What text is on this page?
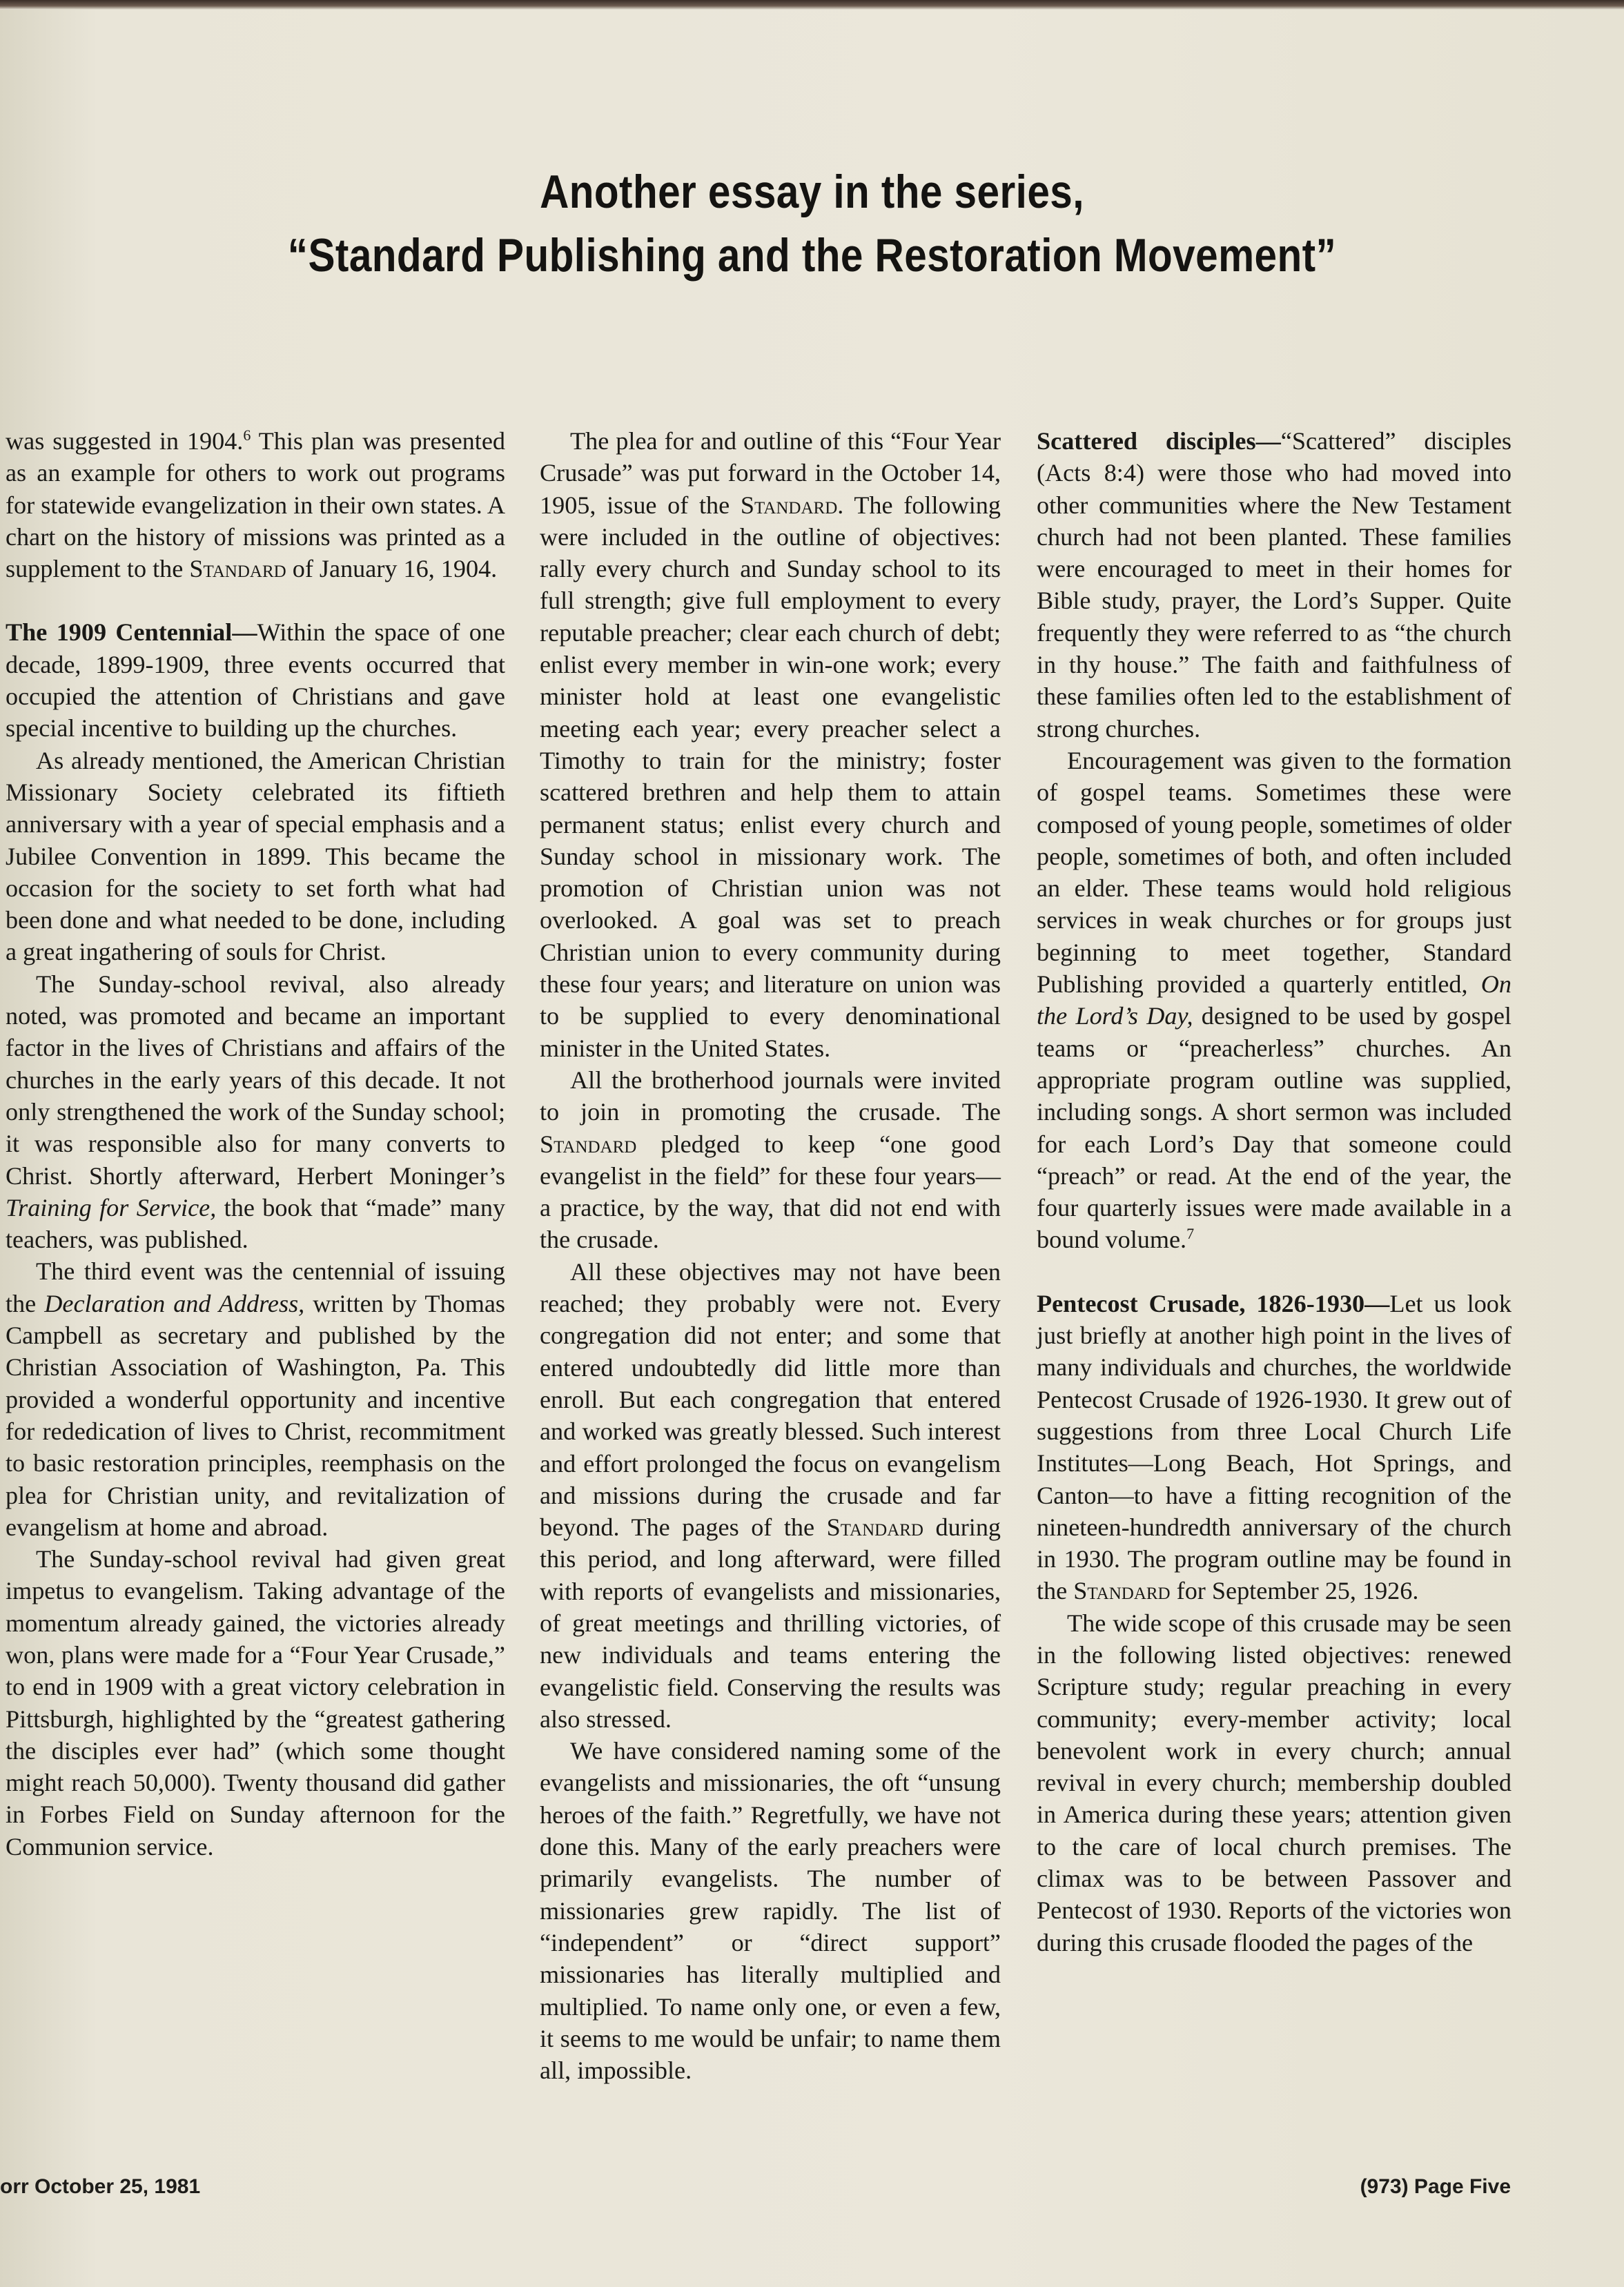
Another essay in the series,
“Standard Publishing and the Restoration Movement”

was suggested in 1904.$^6$ This plan was presented as an example for others to work out programs for statewide evangelization in their own states. A chart on the history of missions was printed as a supplement to the Standard of January 16, 1904.

The 1909 Centennial—Within the space of one decade, 1899-1909, three events occurred that occupied the attention of Christians and gave special incentive to building up the churches.

As already mentioned, the American Christian Missionary Society celebrated its fiftieth anniversary with a year of special emphasis and a Jubilee Convention in 1899. This became the occasion for the society to set forth what had been done and what needed to be done, including a great ingathering of souls for Christ.

The Sunday-school revival, also already noted, was promoted and became an important factor in the lives of Christians and affairs of the churches in the early years of this decade. It not only strengthened the work of the Sunday school; it was responsible also for many converts to Christ. Shortly afterward, Herbert Moninger’s Training for Service, the book that “made” many teachers, was published.

The third event was the centennial of issuing the Declaration and Address, written by Thomas Campbell as secretary and published by the Christian Association of Washington, Pa. This provided a wonderful opportunity and incentive for rededication of lives to Christ, recommitment to basic restoration principles, reemphasis on the plea for Christian unity, and revitalization of evangelism at home and abroad.

The Sunday-school revival had given great impetus to evangelism. Taking advantage of the momentum already gained, the victories already won, plans were made for a “Four Year Crusade,” to end in 1909 with a great victory celebration in Pittsburgh, highlighted by the “greatest gathering the disciples ever had” (which some thought might reach 50,000). Twenty thousand did gather in Forbes Field on Sunday afternoon for the Communion service.

The plea for and outline of this “Four Year Crusade” was put forward in the October 14, 1905, issue of the Standard. The following were included in the outline of objectives: rally every church and Sunday school to its full strength; give full employment to every reputable preacher; clear each church of debt; enlist every member in win-one work; every minister hold at least one evangelistic meeting each year; every preacher select a Timothy to train for the ministry; foster scattered brethren and help them to attain permanent status; enlist every church and Sunday school in missionary work. The promotion of Christian union was not overlooked. A goal was set to preach Christian union to every community during these four years; and literature on union was to be supplied to every denominational minister in the United States.

All the brotherhood journals were invited to join in promoting the crusade. The Standard pledged to keep “one good evangelist in the field” for these four years—a practice, by the way, that did not end with the crusade.

All these objectives may not have been reached; they probably were not. Every congregation did not enter; and some that entered undoubtedly did little more than enroll. But each congregation that entered and worked was greatly blessed. Such interest and effort prolonged the focus on evangelism and missions during the crusade and far beyond. The pages of the Standard during this period, and long afterward, were filled with reports of evangelists and missionaries, of great meetings and thrilling victories, of new individuals and teams entering the evangelistic field. Conserving the results was also stressed.

We have considered naming some of the evangelists and missionaries, the oft “unsung heroes of the faith.” Regretfully, we have not done this. Many of the early preachers were primarily evangelists. The number of missionaries grew rapidly. The list of “independent” or “direct support” missionaries has literally multiplied and multiplied. To name only one, or even a few, it seems to me would be unfair; to name them all, impossible.

Scattered disciples—“Scattered” disciples (Acts 8:4) were those who had moved into other communities where the New Testament church had not been planted. These families were encouraged to meet in their homes for Bible study, prayer, the Lord’s Supper. Quite frequently they were referred to as “the church in thy house.” The faith and faithfulness of these families often led to the establishment of strong churches.

Encouragement was given to the formation of gospel teams. Sometimes these were composed of young people, sometimes of older people, sometimes of both, and often included an elder. These teams would hold religious services in weak churches or for groups just beginning to meet together, Standard Publishing provided a quarterly entitled, On the Lord’s Day, designed to be used by gospel teams or “preacherless” churches. An appropriate program outline was supplied, including songs. A short sermon was included for each Lord’s Day that someone could “preach” or read. At the end of the year, the four quarterly issues were made available in a bound volume.$^7$

Pentecost Crusade, 1826-1930—Let us look just briefly at another high point in the lives of many individuals and churches, the worldwide Pentecost Crusade of 1926-1930. It grew out of suggestions from three Local Church Life Institutes—Long Beach, Hot Springs, and Canton—to have a fitting recognition of the nineteen-hundredth anniversary of the church in 1930. The program outline may be found in the Standard for September 25, 1926.

The wide scope of this crusade may be seen in the following listed objectives: renewed Scripture study; regular preaching in every community; every-member activity; local benevolent work in every church; annual revival in every church; membership doubled in America during these years; attention given to the care of local church premises. The climax was to be between Passover and Pentecost of 1930. Reports of the victories won during this crusade flooded the pages of the

orr October 25, 1981	(973) Page Five
